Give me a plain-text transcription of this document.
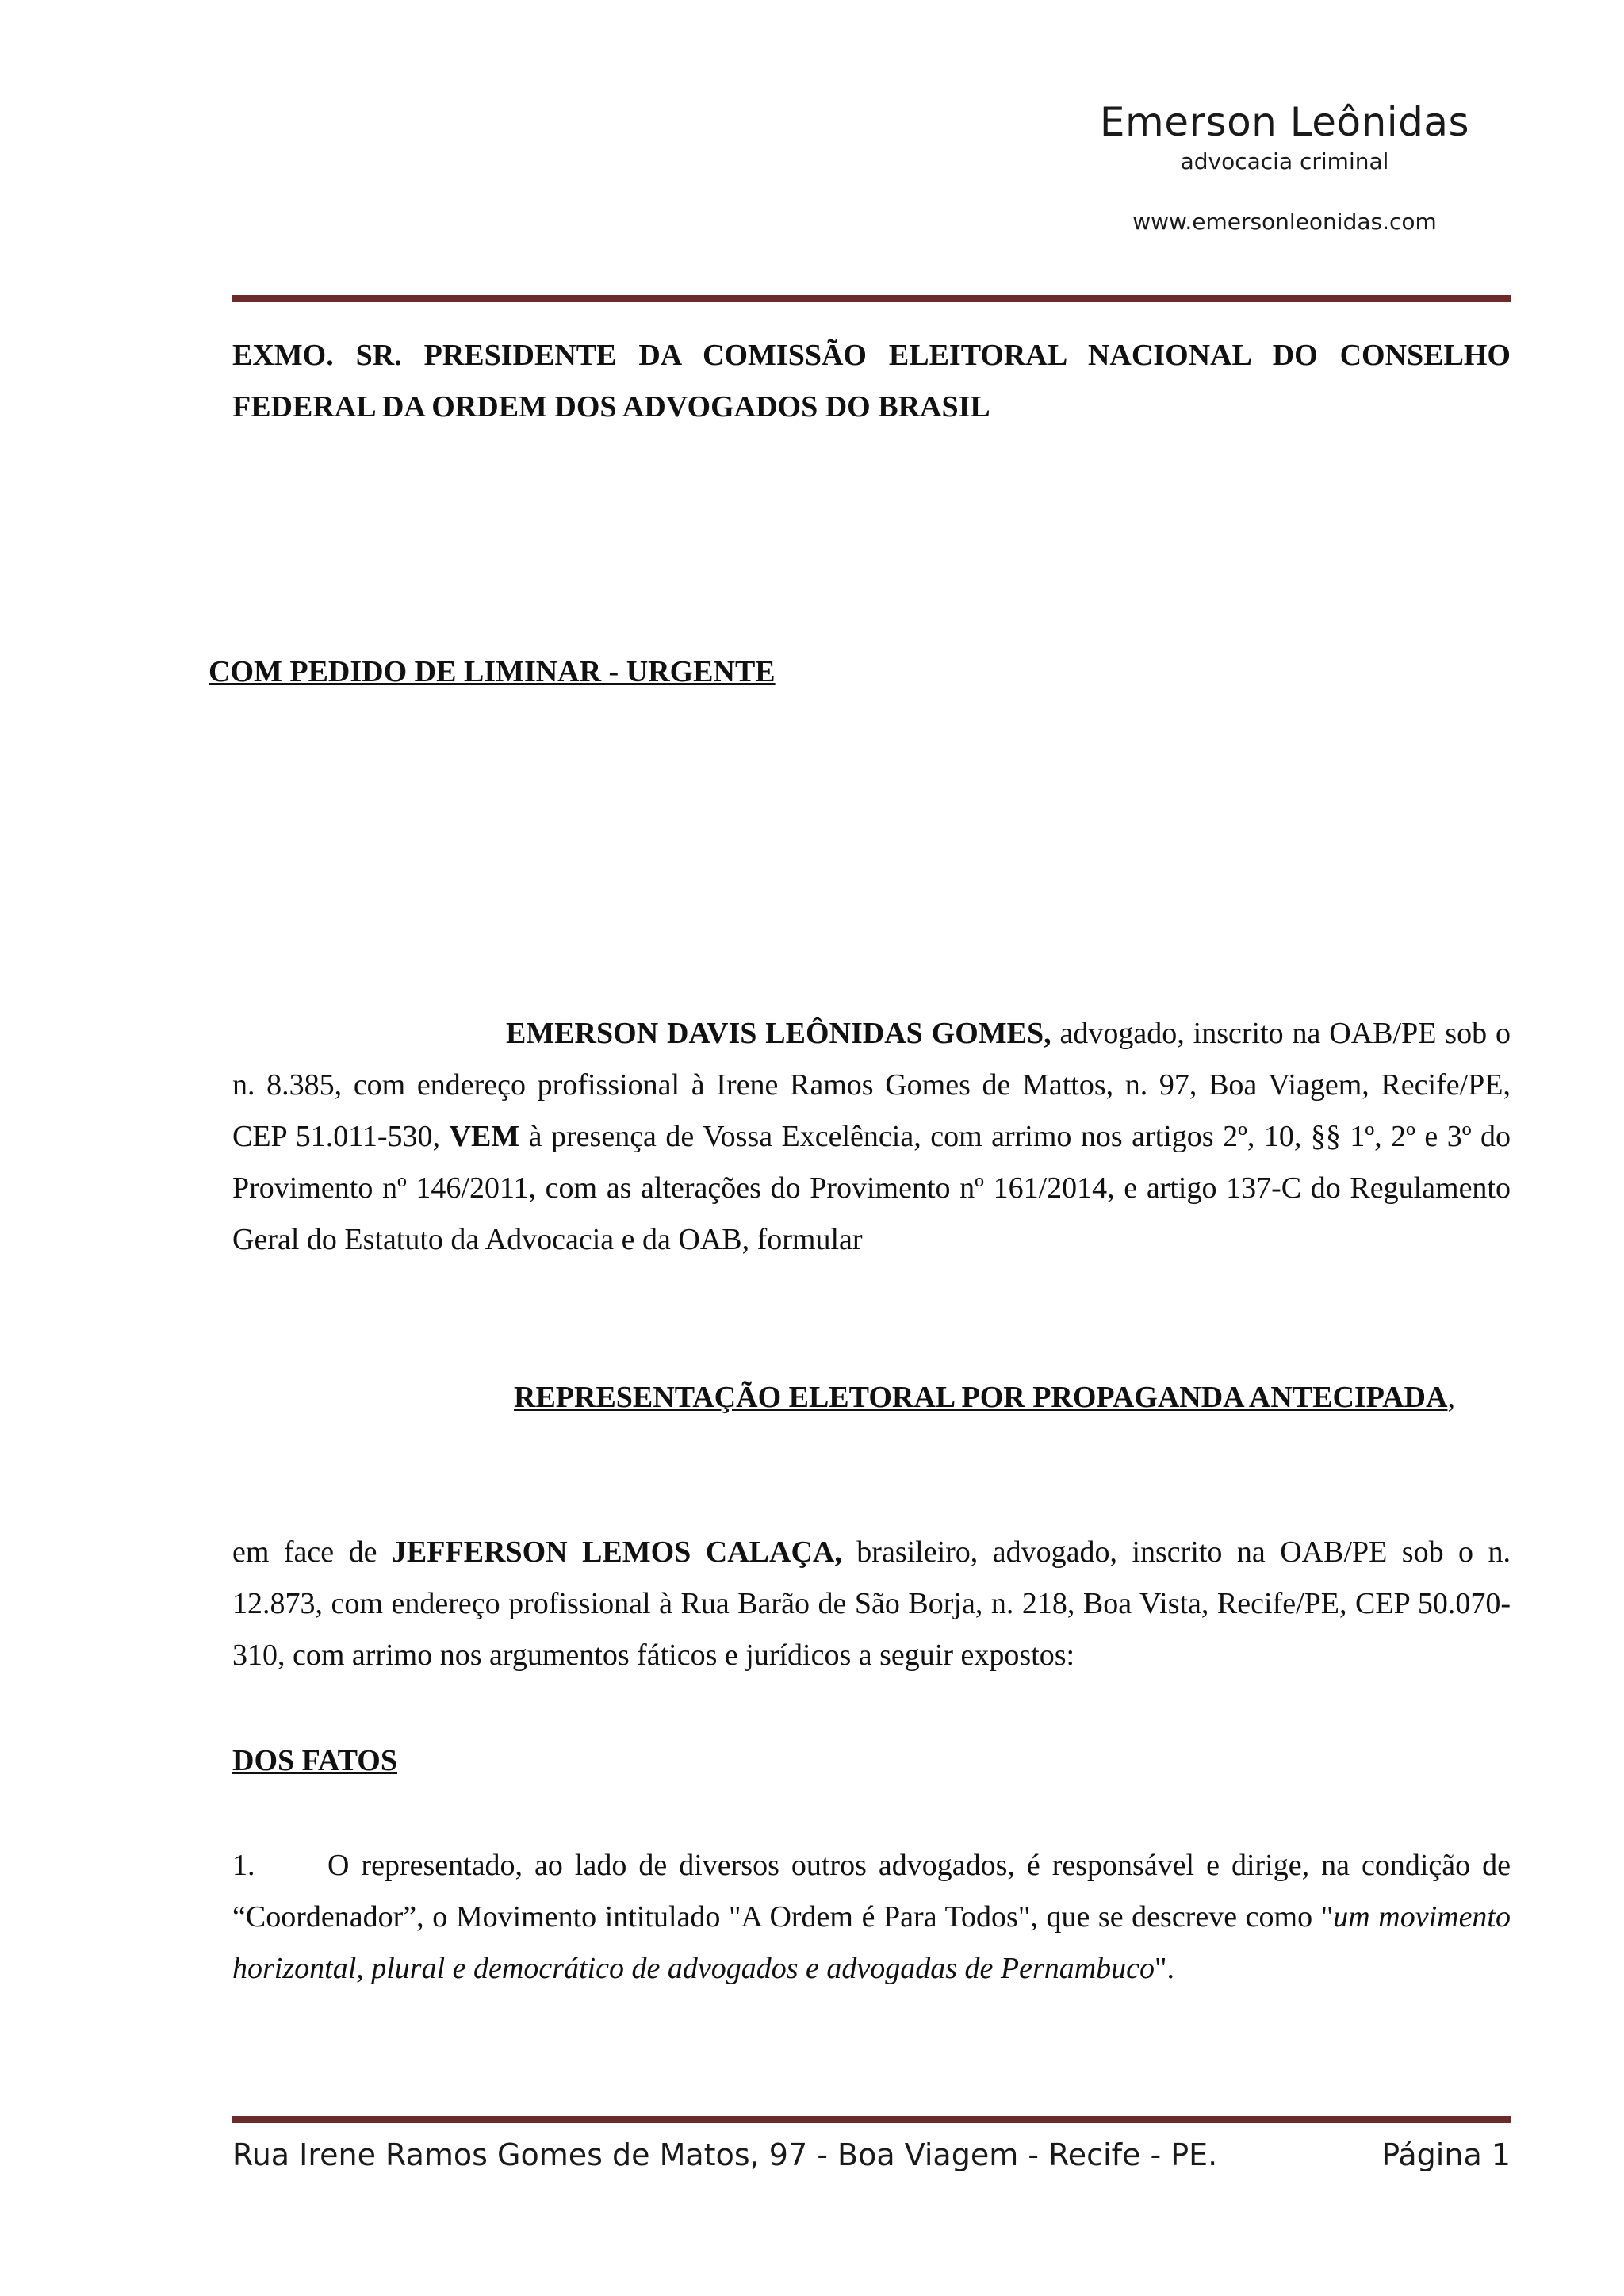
Emerson Leônidas
advocacia criminal
www.emersonleonidas.com
EXMO. SR. PRESIDENTE DA COMISSÃO ELEITORAL NACIONAL DO CONSELHO
FEDERAL DA ORDEM DOS ADVOGADOS DO BRASIL
COM PEDIDO DE LIMINAR - URGENTE
EMERSON DAVIS LEÔNIDAS GOMES, advogado, inscrito na OAB/PE sob o
n. 8.385, com endereço profissional à Irene Ramos Gomes de Mattos, n. 97, Boa Viagem, Recife/PE,
CEP 51.011-530, VEM à presença de Vossa Excelência, com arrimo nos artigos 2º, 10, §§ 1º, 2º e 3º do
Provimento nº 146/2011, com as alterações do Provimento nº 161/2014, e artigo 137-C do Regulamento
Geral do Estatuto da Advocacia e da OAB, formular
REPRESENTAÇÃO ELETORAL POR PROPAGANDA ANTECIPADA,
em face de JEFFERSON LEMOS CALAÇA, brasileiro, advogado, inscrito na OAB/PE sob o n.
12.873, com endereço profissional à Rua Barão de São Borja, n. 218, Boa Vista, Recife/PE, CEP 50.070-
310, com arrimo nos argumentos fáticos e jurídicos a seguir expostos:
DOS FATOS
1. O representado, ao lado de diversos outros advogados, é responsável e dirige, na condição de
“Coordenador”, o Movimento intitulado "A Ordem é Para Todos", que se descreve como "um movimento
horizontal, plural e democrático de advogados e advogadas de Pernambuco".
Rua Irene Ramos Gomes de Matos, 97 - Boa Viagem - Recife - PE.	Página 1
